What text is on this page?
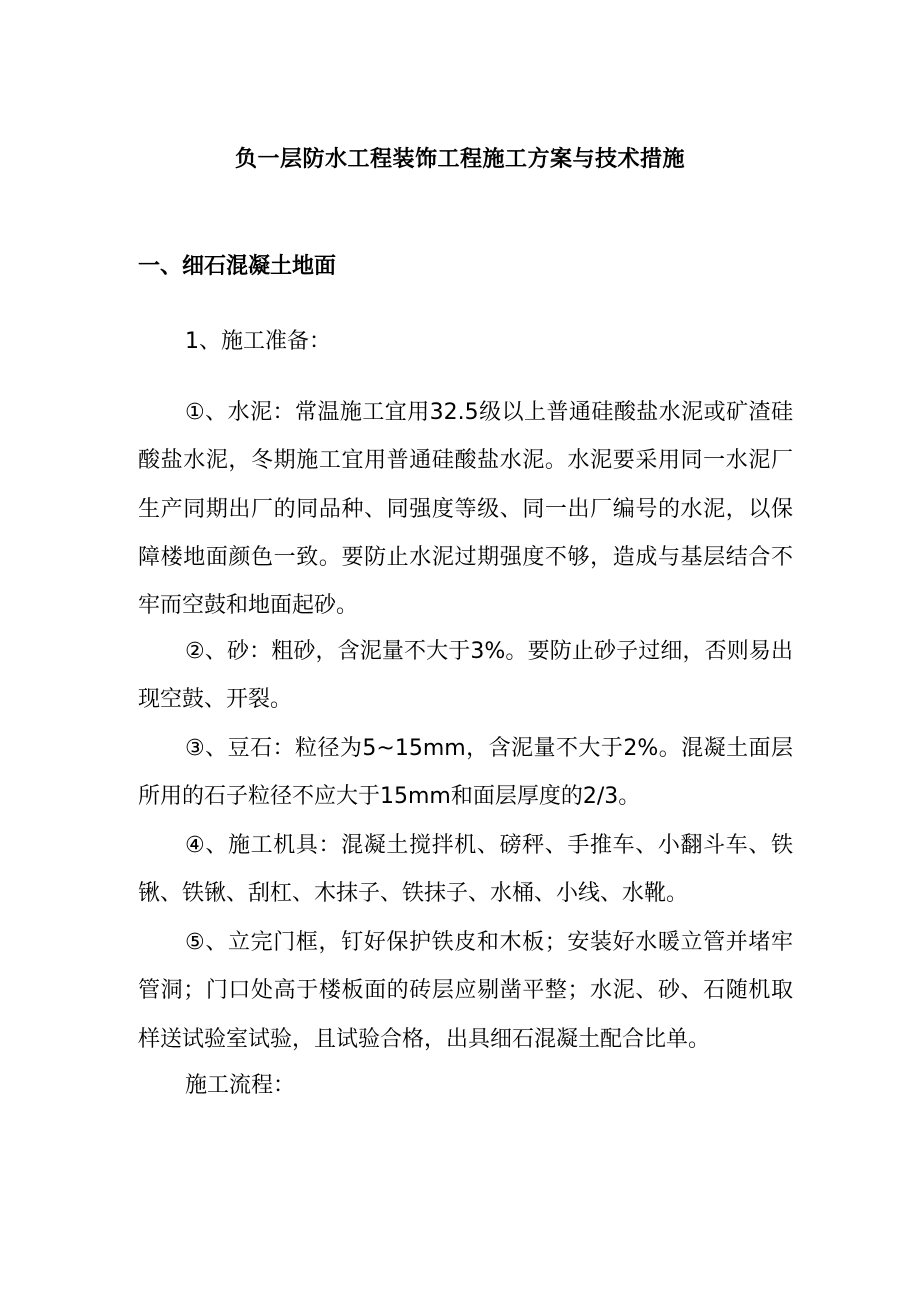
负一层防水工程装饰工程施工方案与技术措施
一、细石混凝土地面

1、施工准备：

①、水泥：常温施工宜用32.5级以上普通硅酸盐水泥或矿渣硅酸盐水泥，冬期施工宜用普通硅酸盐水泥。水泥要采用同一水泥厂生产同期出厂的同品种、同强度等级、同一出厂编号的水泥，以保障楼地面颜色一致。要防止水泥过期强度不够，造成与基层结合不牢而空鼓和地面起砂。

②、砂：粗砂，含泥量不大于3%。要防止砂子过细，否则易出现空鼓、开裂。

③、豆石：粒径为5~15mm，含泥量不大于2%。混凝土面层所用的石子粒径不应大于15mm和面层厚度的2/3。

④、施工机具：混凝土搅拌机、磅秤、手推车、小翻斗车、铁锹、铁锹、刮杠、木抹子、铁抹子、水桶、小线、水靴。

⑤、立完门框，钉好保护铁皮和木板；安装好水暖立管并堵牢管洞；门口处高于楼板面的砖层应剔凿平整；水泥、砂、石随机取样送试验室试验，且试验合格，出具细石混凝土配合比单。

施工流程：
